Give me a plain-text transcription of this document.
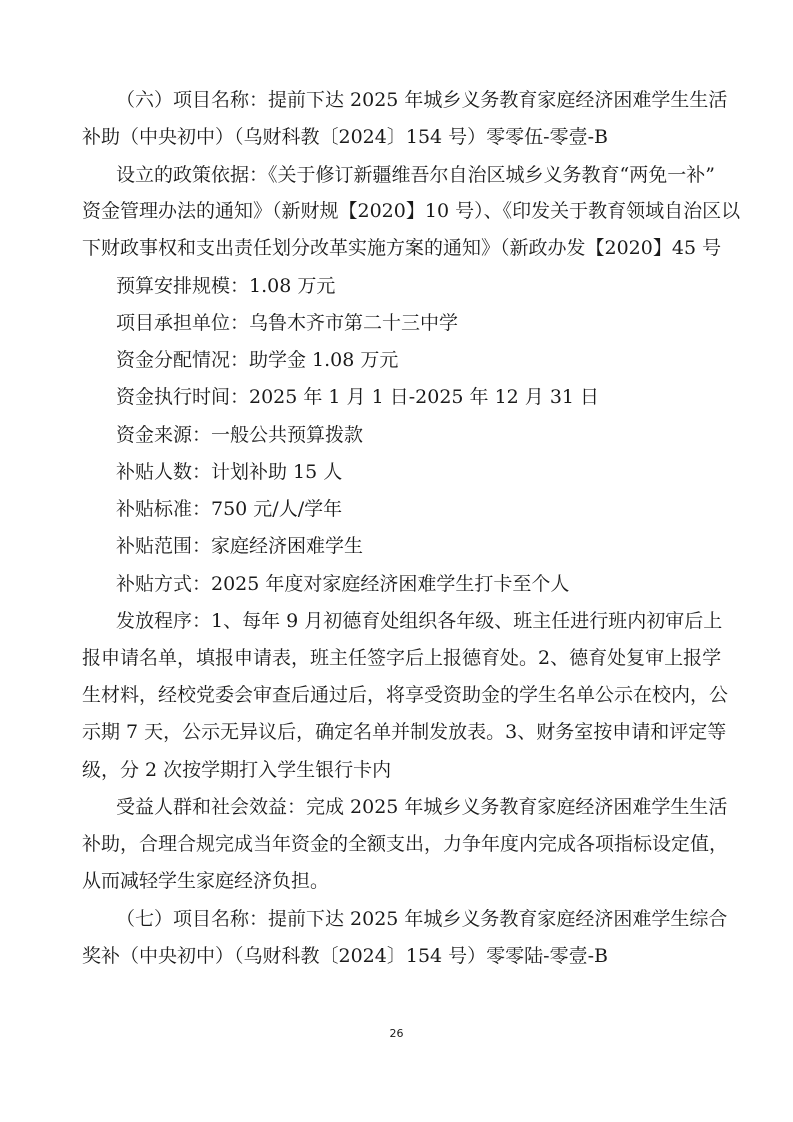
（六）项目名称：提前下达 2025 年城乡义务教育家庭经济困难学生生活
补助（中央初中）（乌财科教〔2024〕154 号）零零伍-零壹-B
设立的政策依据：《关于修订新疆维吾尔自治区城乡义务教育“两免一补”
资金管理办法的通知》（新财规【2020】10 号）、《印发关于教育领域自治区以
下财政事权和支出责任划分改革实施方案的通知》（新政办发【2020】45 号
预算安排规模：1.08 万元
项目承担单位：乌鲁木齐市第二十三中学
资金分配情况：助学金 1.08 万元
资金执行时间：2025 年 1 月 1 日-2025 年 12 月 31 日
资金来源：一般公共预算拨款
补贴人数：计划补助 15 人
补贴标准：750 元/人/学年
补贴范围：家庭经济困难学生
补贴方式：2025 年度对家庭经济困难学生打卡至个人
发放程序：1、每年 9 月初德育处组织各年级、班主任进行班内初审后上
报申请名单，填报申请表，班主任签字后上报德育处。2、德育处复审上报学
生材料，经校党委会审查后通过后，将享受资助金的学生名单公示在校内，公
示期 7 天，公示无异议后，确定名单并制发放表。3、财务室按申请和评定等
级，分 2 次按学期打入学生银行卡内
受益人群和社会效益：完成 2025 年城乡义务教育家庭经济困难学生生活
补助，合理合规完成当年资金的全额支出，力争年度内完成各项指标设定值，
从而减轻学生家庭经济负担。
（七）项目名称：提前下达 2025 年城乡义务教育家庭经济困难学生综合
奖补（中央初中）（乌财科教〔2024〕154 号）零零陆-零壹-B
26
